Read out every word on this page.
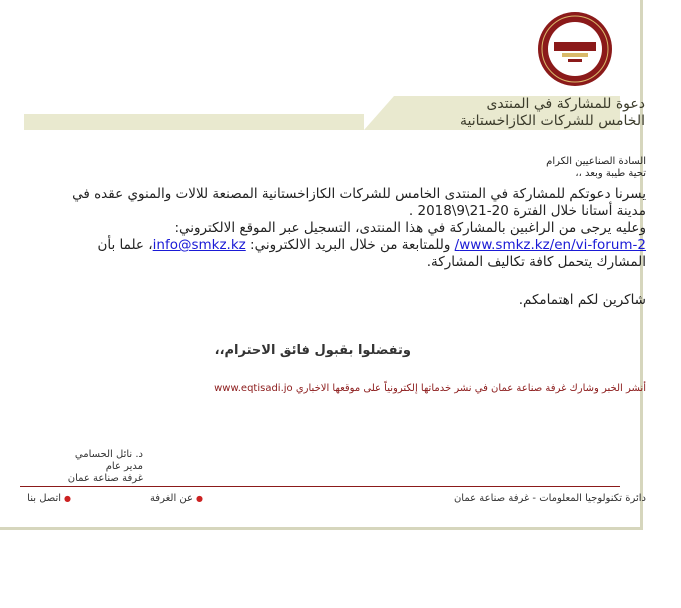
دعوة للمشاركة في المنتدى
الخامس للشركات الكازاخستانية
السادة الصناعيين الكرام
تحية طيبة وبعد ،،

يسرنا دعوتكم للمشاركة في المنتدى الخامس للشركات الكازاخستانية المصنعة للالات والمنوي عقده في مدينة أستانا خلال الفترة 20-21\9\2018 .

وعليه يرجى من الراغبين بالمشاركة في هذا المنتدى، التسجيل عبر الموقع الالكتروني: www.smkz.kz/en/vi-forum-2/ وللمتابعة من خلال البريد الالكتروني: info@smkz.kz، علما بأن المشارك يتحمل كافة تكاليف المشاركة.

شاكرين لكم اهتمامكم.
وتفضلوا بقبول فائق الاحترام،،
أنشر الخبر وشارك غرفة صناعة عمان في نشر خدماتها إلكترونياً على موقعها الاخباري www.eqtisadi.jo
د. نائل الحسامي
مدير عام
غرفة صناعة عمان
دائرة تكنولوجيا المعلومات - غرفة صناعة عمان
●عن الغرفة
●اتصل بنا
